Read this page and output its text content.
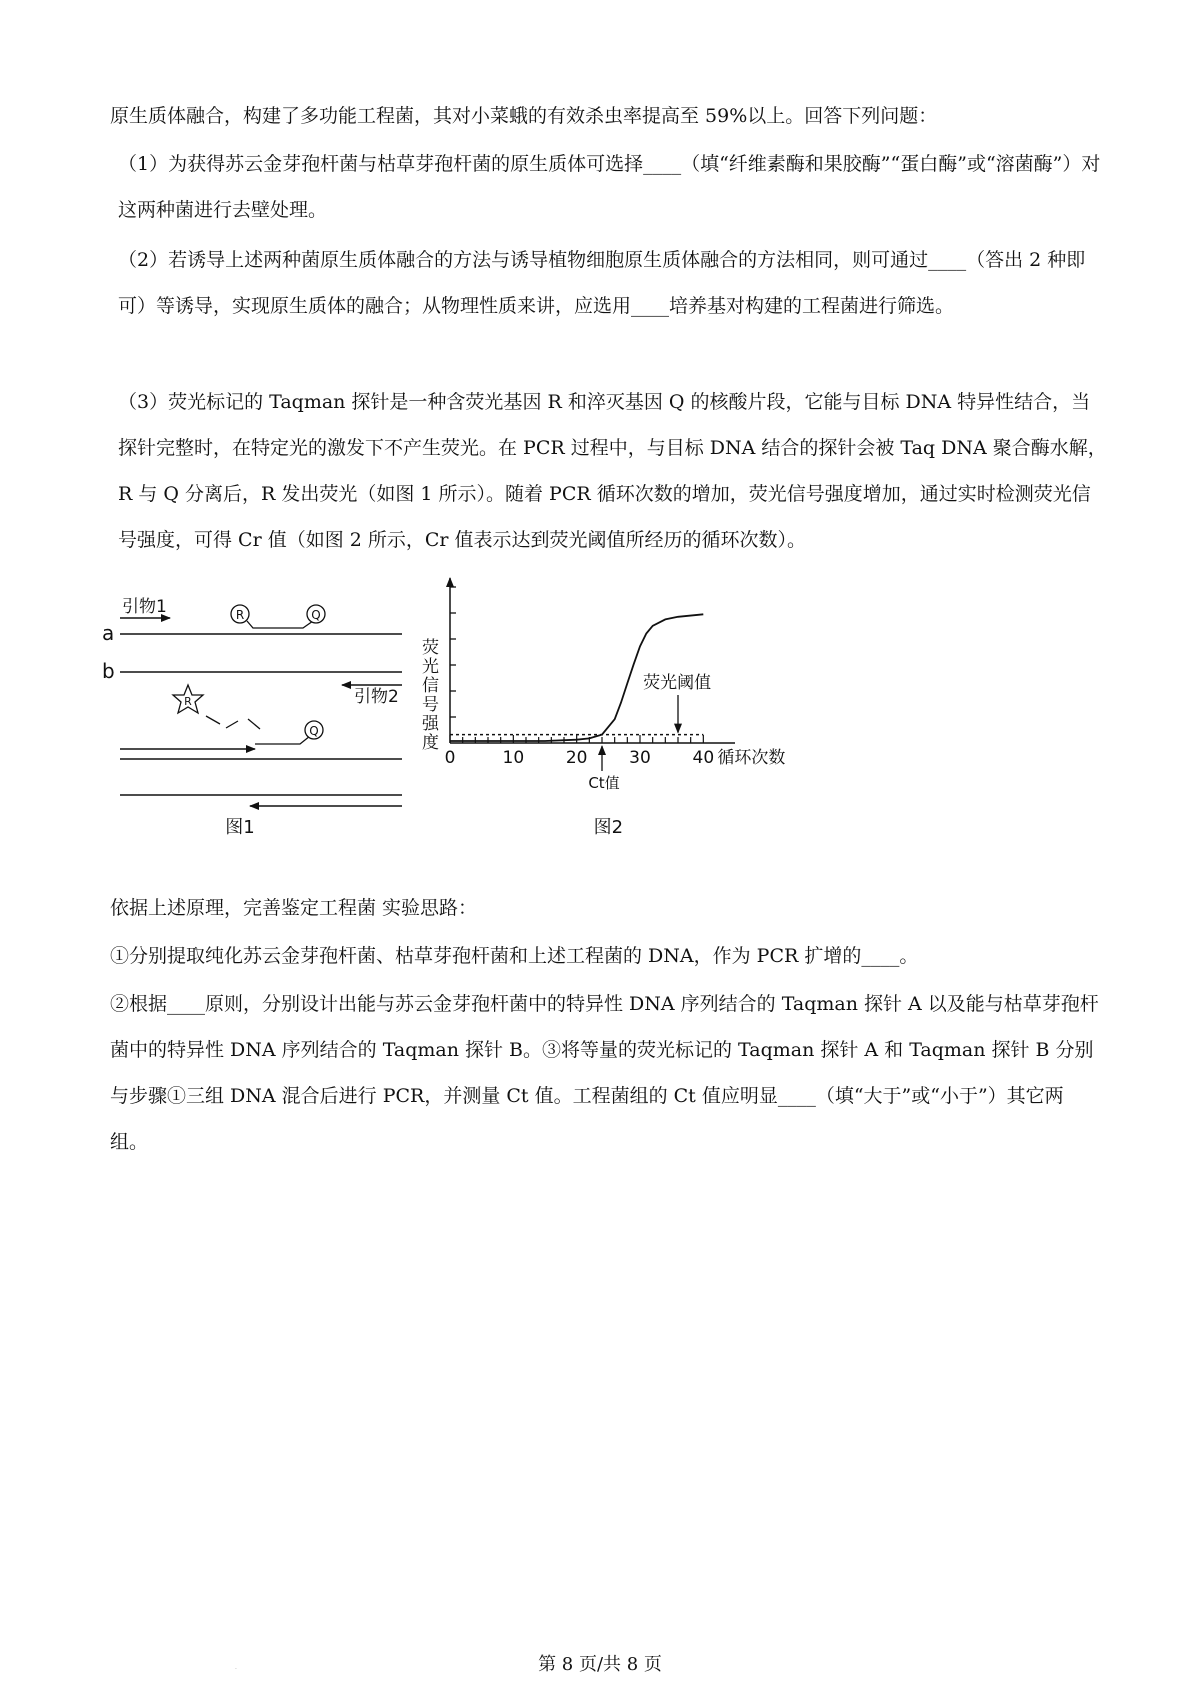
原生质体融合，构建了多功能工程菌，其对小菜蛾的有效杀虫率提高至 59%以上。回答下列问题：

（1）为获得苏云金芽孢杆菌与枯草芽孢杆菌的原生质体可选择____（填“纤维素酶和果胶酶”“蛋白酶”或“溶菌酶”）对这两种菌进行去壁处理。

（2）若诱导上述两种菌原生质体融合的方法与诱导植物细胞原生质体融合的方法相同，则可通过____（答出 2 种即可）等诱导，实现原生质体的融合；从物理性质来讲，应选用____培养基对构建的工程菌进行筛选。

（3）荧光标记的 Taqman 探针是一种含荧光基因 R 和淬灭基因 Q 的核酸片段，它能与目标 DNA 特异性结合，当探针完整时，在特定光的激发下不产生荧光。在 PCR 过程中，与目标 DNA 结合的探针会被 Taq DNA 聚合酶水解，R 与 Q 分离后，R 发出荧光（如图 1 所示）。随着 PCR 循环次数的增加，荧光信号强度增加，通过实时检测荧光信号强度，可得 Cr 值（如图 2 所示，Cr 值表示达到荧光阈值所经历的循环次数）。

引物1
a
R	Q
b
引物2
R
Q
图1
荧光信号强度
0	10 20 30 40
荧光阈值
Ct值
循环次数
图2

依据上述原理，完善鉴定工程菌 实验思路：

①分别提取纯化苏云金芽孢杆菌、枯草芽孢杆菌和上述工程菌的 DNA，作为 PCR 扩增的____。

②根据____原则，分别设计出能与苏云金芽孢杆菌中的特异性 DNA 序列结合的 Taqman 探针 A 以及能与枯草芽孢杆菌中的特异性 DNA 序列结合的 Taqman 探针 B。③将等量的荧光标记的 Taqman 探针 A 和 Taqman 探针 B 分别与步骤①三组 DNA 混合后进行 PCR，并测量 Ct 值。工程菌组的 Ct 值应明显____（填“大于”或“小于”）其它两组。

第 8 页/共 8 页
·
